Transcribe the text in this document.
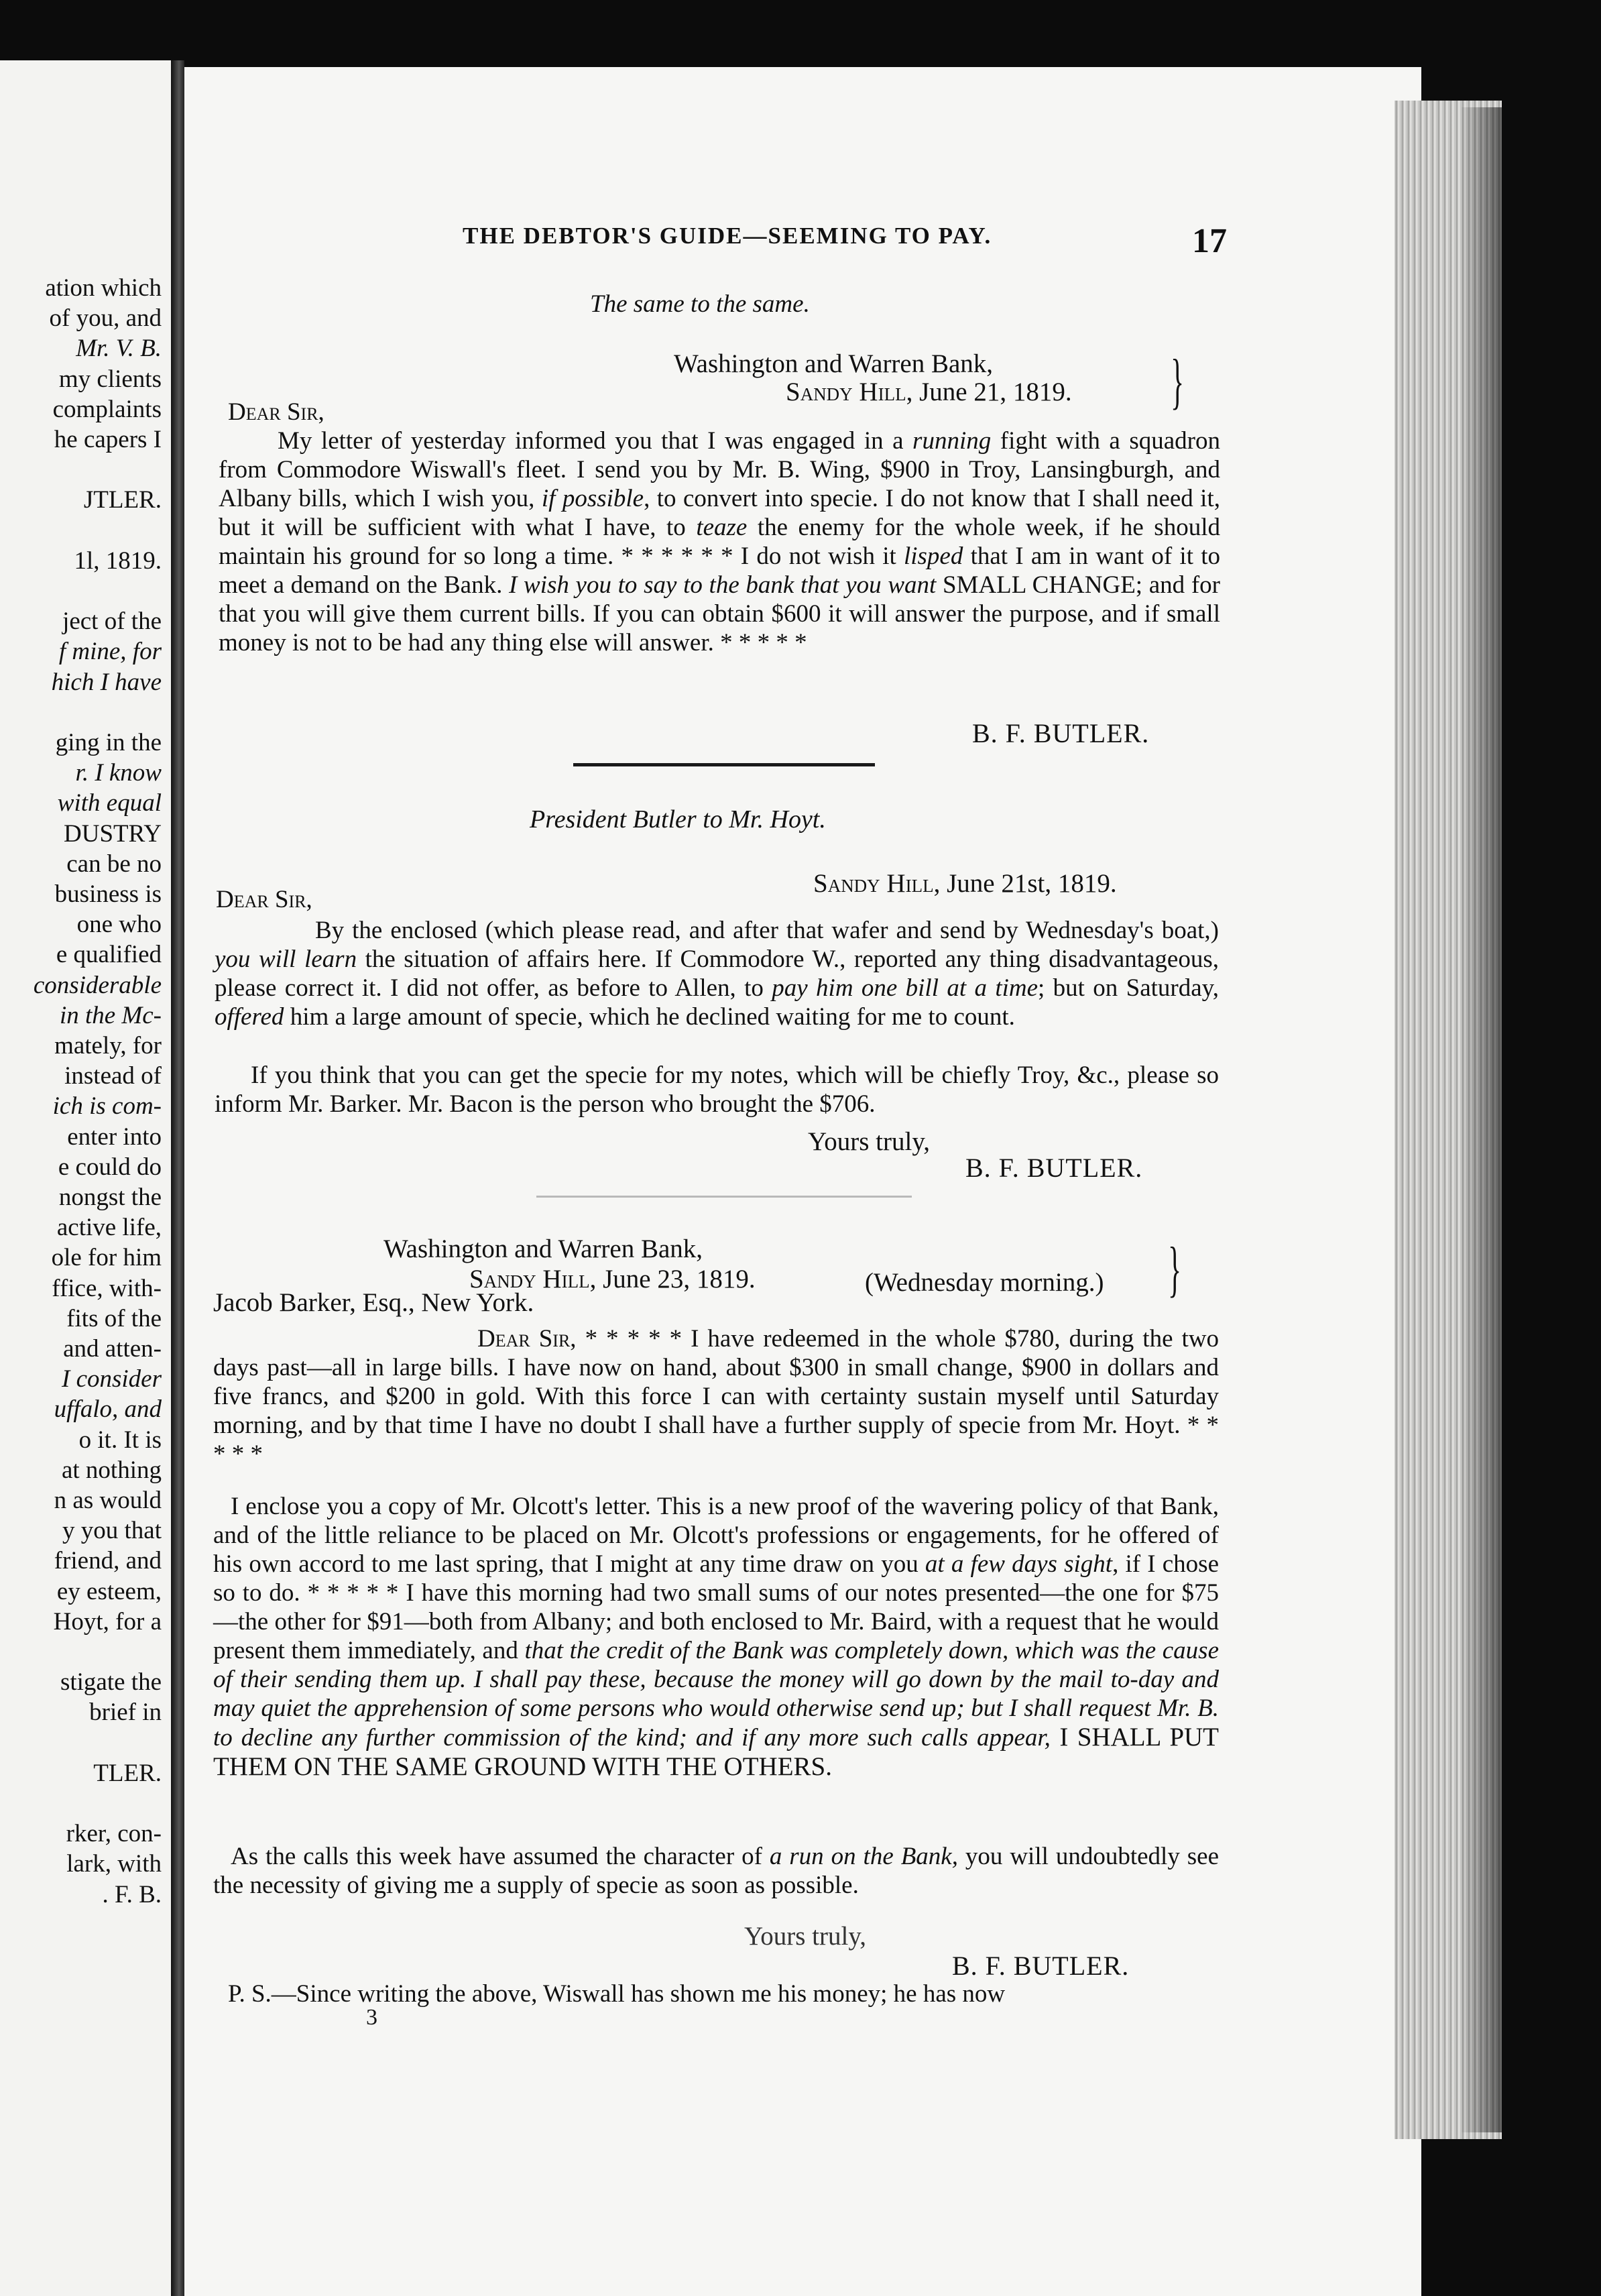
ation which
of you, and
Mr. V. B.
my clients
complaints
he capers I
JTLER.
1l, 1819.
ject of the
f mine, for
hich I have
ging in the
r. I know
with equal
DUSTRY
can be no
business is
one who
e qualified
considerable
in the Mc-
mately, for
instead of
ich is com-
enter into
e could do
nongst the
active life,
ole for him
ffice, with-
fits of the
and atten-
I consider
uffalo, and
o it. It is
at nothing
n as would
y you that
friend, and
ey esteem,
Hoyt, for a
stigate the
brief in
TLER.
rker, con-
lark, with
. F. B.
THE DEBTOR'S GUIDE—SEEMING TO PAY.	17
The same to the same.
Washington and Warren Bank,
Sandy Hill, June 21, 1819. }
Dear Sir,

My letter of yesterday informed you that I was engaged in a running fight with a squadron from Commodore Wiswall's fleet. I send you by Mr. B. Wing, $900 in Troy, Lansingburgh, and Albany bills, which I wish you, if possible, to convert into specie. I do not know that I shall need it, but it will be sufficient with what I have, to teaze the enemy for the whole week, if he should maintain his ground for so long a time. * * * * * * I do not wish it lisped that I am in want of it to meet a demand on the Bank. I wish you to say to the bank that you want SMALL CHANGE; and for that you will give them current bills. If you can obtain $600 it will answer the purpose, and if small money is not to be had any thing else will answer. * * * * *

B. F. BUTLER.
President Butler to Mr. Hoyt.
Sandy Hill, June 21st, 1819.
Dear Sir,

By the enclosed (which please read, and after that wafer and send by Wednesday's boat,) you will learn the situation of affairs here. If Commodore W., reported any thing disadvantageous, please correct it. I did not offer, as before to Allen, to pay him one bill at a time; but on Saturday, offered him a large amount of specie, which he declined waiting for me to count.

If you think that you can get the specie for my notes, which will be chiefly Troy, &c., please so inform Mr. Barker. Mr. Bacon is the person who brought the $706.

Yours truly,
B. F. BUTLER.
Washington and Warren Bank,
Sandy Hill, June 23, 1819.	(Wednesday morning.) }
Jacob Barker, Esq., New York.

Dear Sir, * * * * * I have redeemed in the whole $780, during the two days past—all in large bills. I have now on hand, about $300 in small change, $900 in dollars and five francs, and $200 in gold. With this force I can with certainty sustain myself until Saturday morning, and by that time I have no doubt I shall have a further supply of specie from Mr. Hoyt. * * * * *

I enclose you a copy of Mr. Olcott's letter. This is a new proof of the wavering policy of that Bank, and of the little reliance to be placed on Mr. Olcott's professions or engagements, for he offered of his own accord to me last spring, that I might at any time draw on you at a few days sight, if I chose so to do. * * * * * I have this morning had two small sums of our notes presented—the one for $75—the other for $91—both from Albany; and both enclosed to Mr. Baird, with a request that he would present them immediately, and that the credit of the Bank was completely down, which was the cause of their sending them up. I shall pay these, because the money will go down by the mail to-day and may quiet the apprehension of some persons who would otherwise send up; but I shall request Mr. B. to decline any further commission of the kind; and if any more such calls appear, I SHALL PUT THEM ON THE SAME GROUND WITH THE OTHERS.

As the calls this week have assumed the character of a run on the Bank, you will undoubtedly see the necessity of giving me a supply of specie as soon as possible.

Yours truly,
B. F. BUTLER.
P. S.—Since writing the above, Wiswall has shown me his money; he has now
3
